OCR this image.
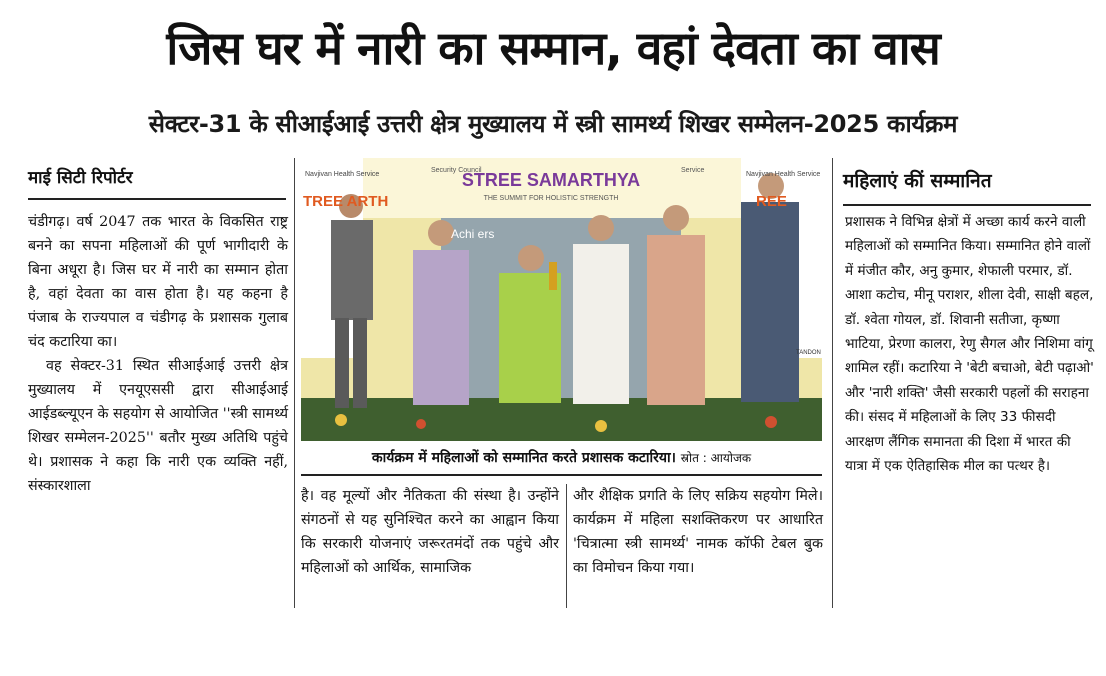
जिस घर में नारी का सम्मान, वहां देवता का वास
सेक्टर-31 के सीआईआई उत्तरी क्षेत्र मुख्यालय में स्त्री सामर्थ्य शिखर सम्मेलन-2025 कार्यक्रम
माई सिटी रिपोर्टर

चंडीगढ़। वर्ष 2047 तक भारत के विकसित राष्ट्र बनने का सपना महिलाओं की पूर्ण भागीदारी के बिना अधूरा है। जिस घर में नारी का सम्मान होता है, वहां देवता का वास होता है। यह कहना है पंजाब के राज्यपाल व चंडीगढ़ के प्रशासक गुलाब चंद कटारिया का।

वह सेक्टर-31 स्थित सीआईआई उत्तरी क्षेत्र मुख्यालय में एनयूएससी द्वारा सीआईआई आईडब्ल्यूएन के सहयोग से आयोजित ''स्त्री सामर्थ्य शिखर सम्मेलन-2025'' बतौर मुख्य अतिथि पहुंचे थे। प्रशासक ने कहा कि नारी एक व्यक्ति नहीं, संस्कारशाला

STREE SAMARTHYA
THE SUMMIT FOR HOLISTIC STRENGTH
Navjivan Health Service
TREE ARTH
Navjivan Health Service
REE
Achi ers
Security Council	Service
TANDON
कार्यक्रम में महिलाओं को सम्मानित करते प्रशासक कटारिया। स्रोत : आयोजक

है। वह मूल्यों और नैतिकता की संस्था है। उन्होंने संगठनों से यह सुनिश्चित करने का आह्वान किया कि सरकारी योजनाएं जरूरतमंदों तक पहुंचे और महिलाओं को आर्थिक, सामाजिक

और शैक्षिक प्रगति के लिए सक्रिय सहयोग मिले। कार्यक्रम में महिला सशक्तिकरण पर आधारित 'चित्रात्मा स्त्री सामर्थ्य' नामक कॉफी टेबल बुक का विमोचन किया गया।

महिलाएं कीं सम्मानित

प्रशासक ने विभिन्न क्षेत्रों में अच्छा कार्य करने वाली महिलाओं को सम्मानित किया। सम्मानित होने वालों में मंजीत कौर, अनु कुमार, शेफाली परमार, डॉ. आशा कटोच, मीनू पराशर, शीला देवी, साक्षी बहल, डॉ. श्वेता गोयल, डॉ. शिवानी सतीजा, कृष्णा भाटिया, प्रेरणा कालरा, रेणु सैगल और निशिमा वांगू शामिल रहीं। कटारिया ने 'बेटी बचाओ, बेटी पढ़ाओ' और 'नारी शक्ति' जैसी सरकारी पहलों की सराहना की। संसद में महिलाओं के लिए 33 फीसदी आरक्षण लैंगिक समानता की दिशा में भारत की यात्रा में एक ऐतिहासिक मील का पत्थर है।
